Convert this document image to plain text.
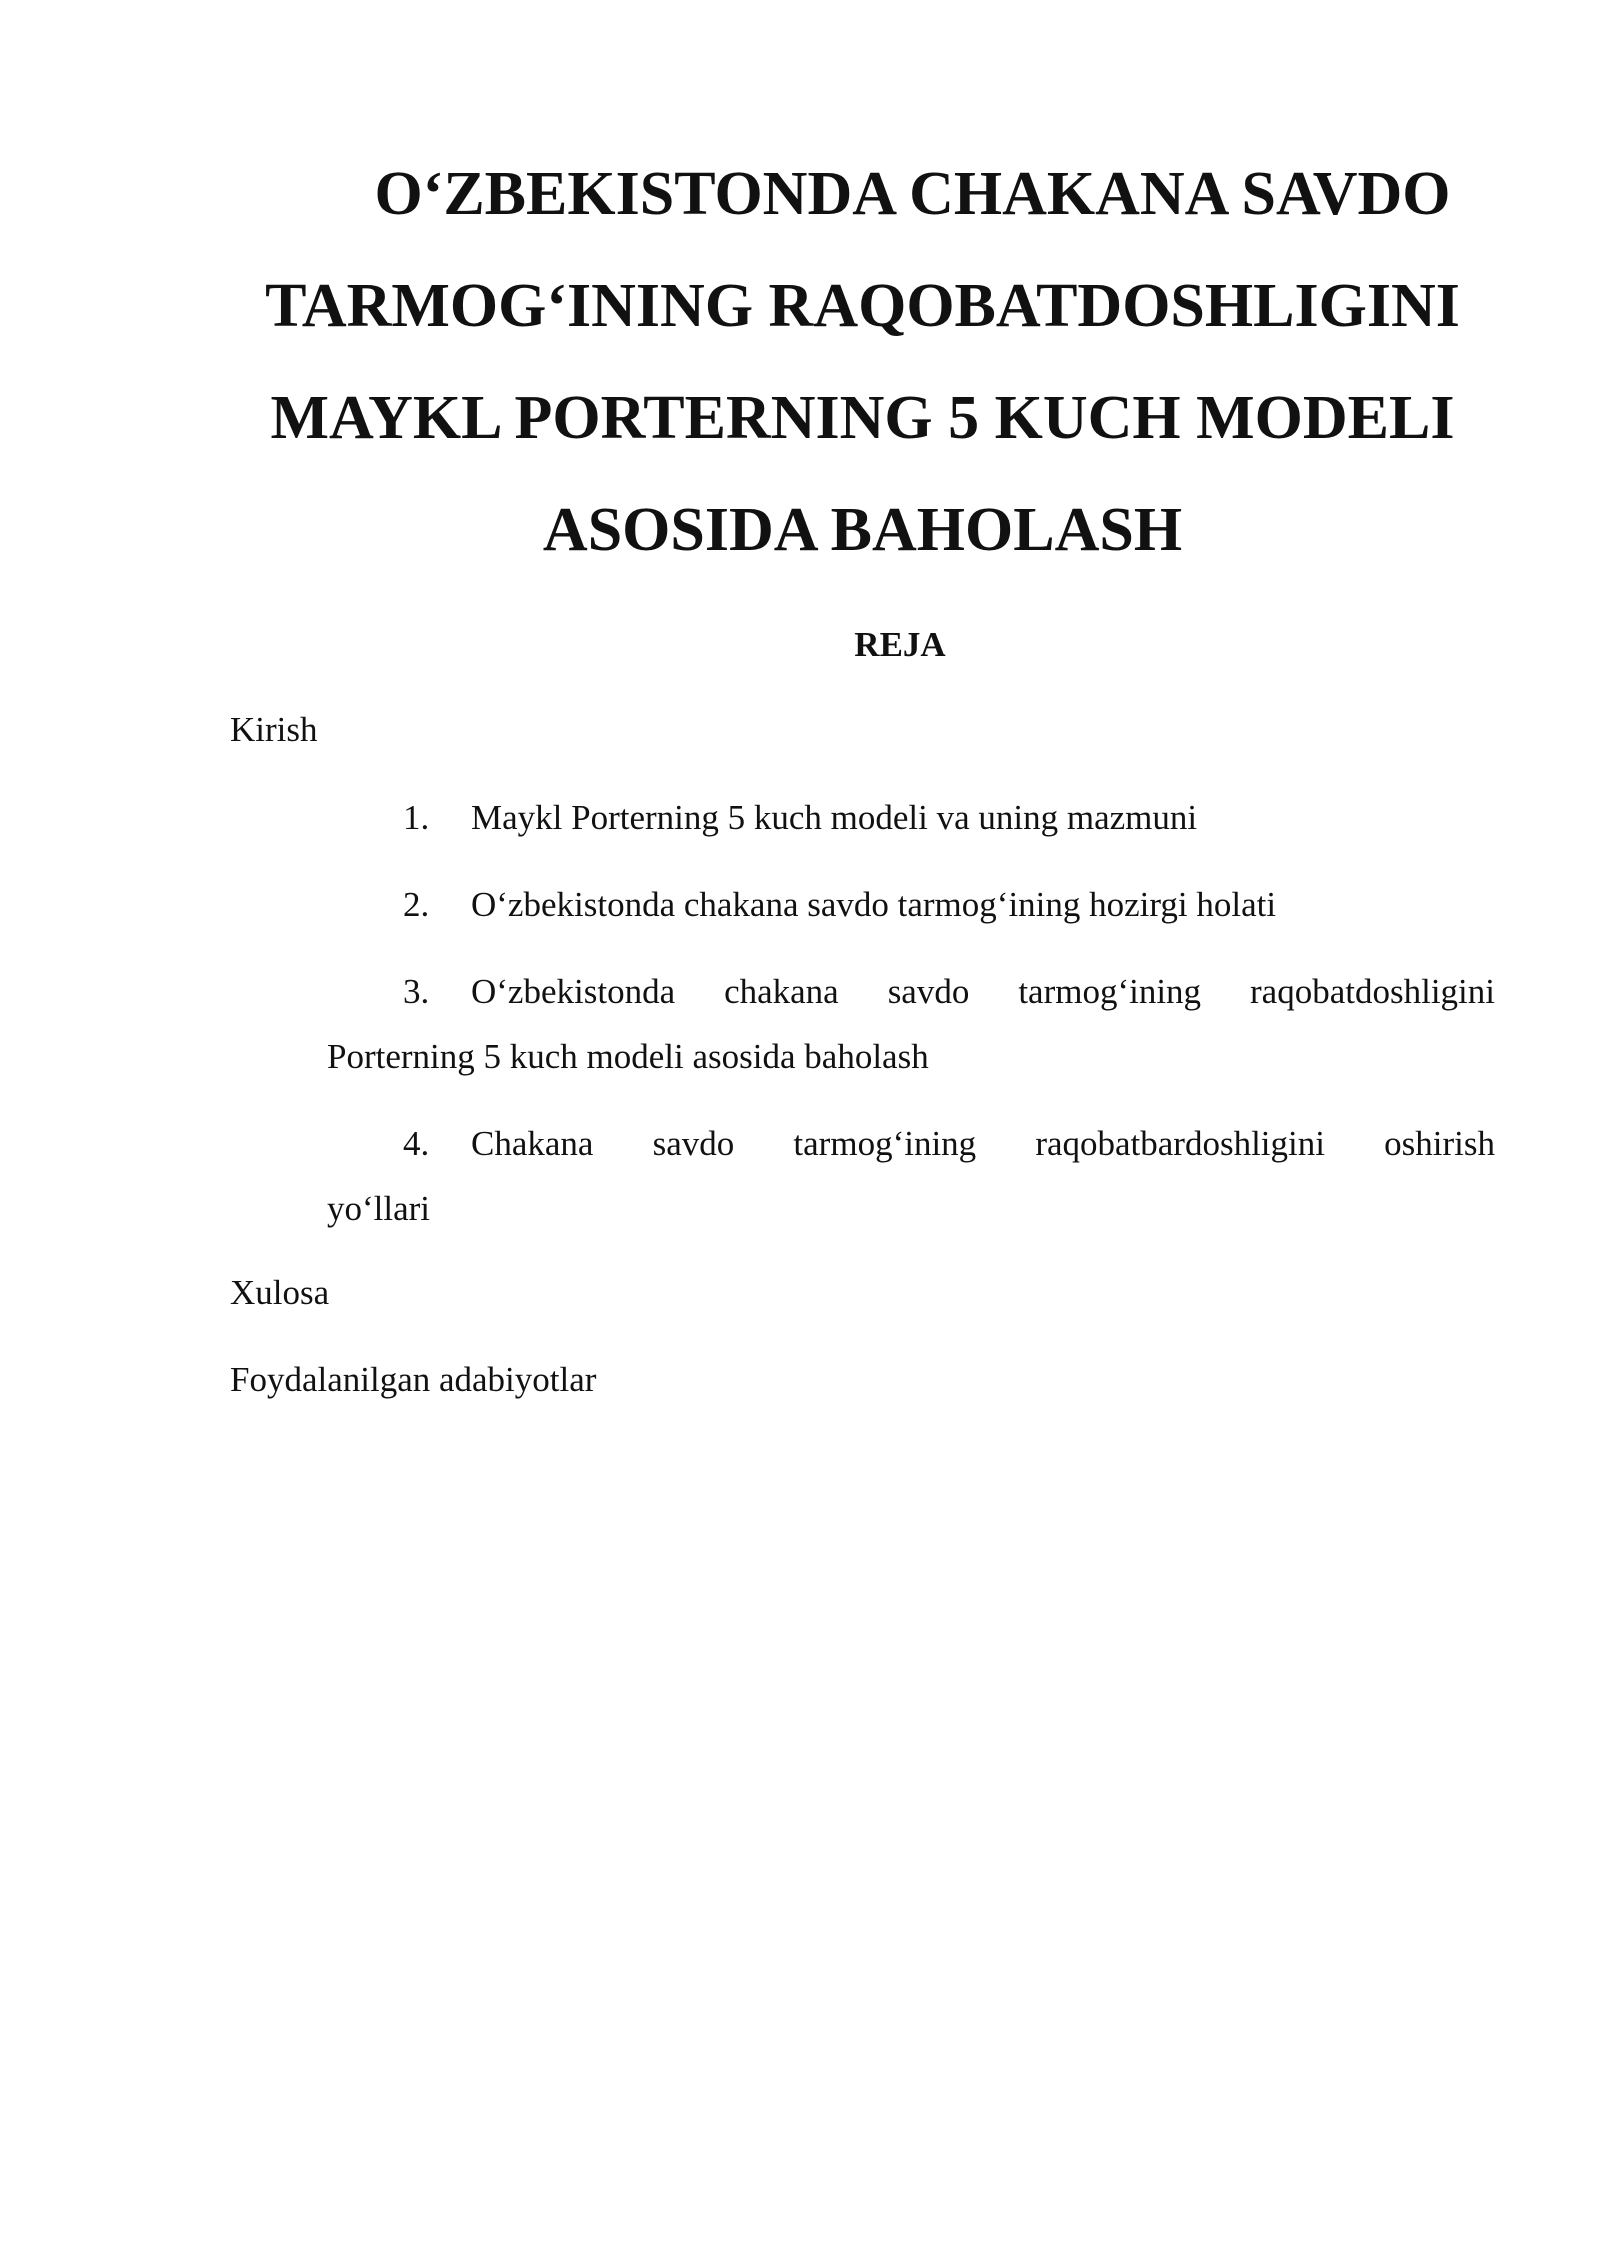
O‘ZBEKISTONDA CHAKANA SAVDO
TARMOG‘INING RAQOBATDOSHLIGINI
MAYKL PORTERNING 5 KUCH MODELI
ASOSIDA BAHOLASH
REJA

Kirish

1.	Maykl Porterning 5 kuch modeli va uning mazmuni
2.	O‘zbekistonda chakana savdo tarmog‘ining hozirgi holati
3.	O‘zbekistonda chakana savdo tarmog‘ining raqobatdoshligini
Porterning 5 kuch modeli asosida baholash
4.	Chakana savdo tarmog‘ining raqobatbardoshligini oshirish
yo‘llari

Xulosa

Foydalanilgan adabiyotlar
